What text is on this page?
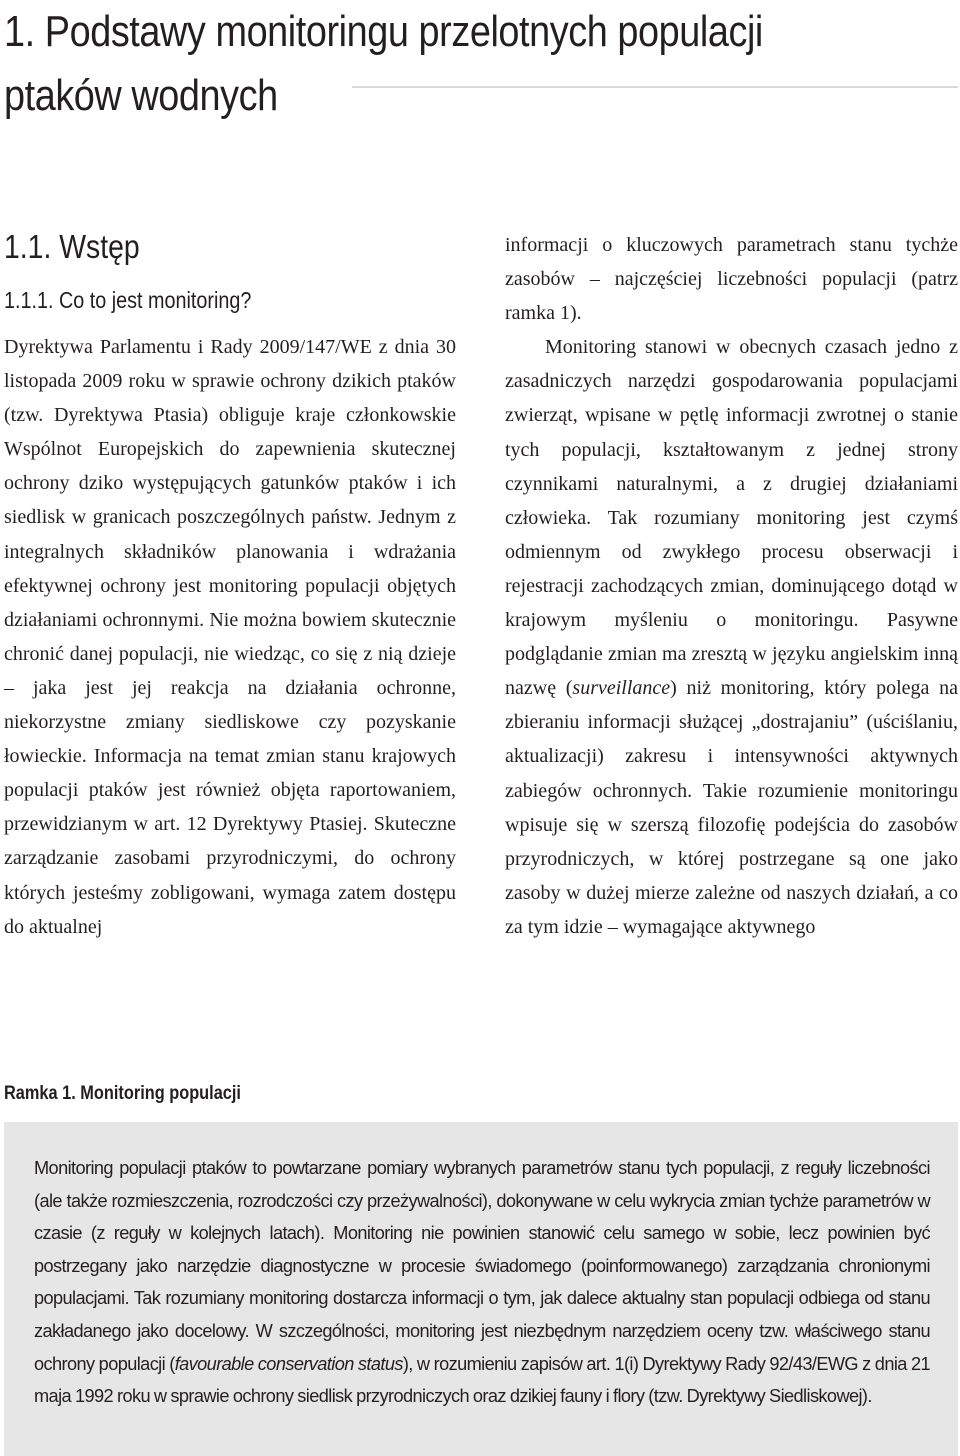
1. Podstawy monitoringu przelotnych populacji ptaków wodnych
1.1. Wstęp
1.1.1. Co to jest monitoring?

Dyrektywa Parlamentu i Rady 2009/147/WE z dnia 30 listopada 2009 roku w sprawie ochrony dzikich ptaków (tzw. Dyrektywa Ptasia) obliguje kraje członkowskie Wspólnot Europejskich do zapewnienia skutecznej ochrony dziko występujących gatunków ptaków i ich siedlisk w granicach poszczególnych państw. Jednym z integralnych składników planowania i wdrażania efektywnej ochrony jest monitoring populacji objętych działaniami ochronnymi. Nie można bowiem skutecznie chronić danej populacji, nie wiedząc, co się z nią dzieje – jaka jest jej reakcja na działania ochronne, niekorzystne zmiany siedliskowe czy pozyskanie łowieckie. Informacja na temat zmian stanu krajowych populacji ptaków jest również objęta raportowaniem, przewidzianym w art. 12 Dyrektywy Ptasiej. Skuteczne zarządzanie zasobami przyrodniczymi, do ochrony których jesteśmy zobligowani, wymaga zatem dostępu do aktualnej

informacji o kluczowych parametrach stanu tychże zasobów – najczęściej liczebności populacji (patrz ramka 1).

Monitoring stanowi w obecnych czasach jedno z zasadniczych narzędzi gospodarowania populacjami zwierząt, wpisane w pętlę informacji zwrotnej o stanie tych populacji, kształtowanym z jednej strony czynnikami naturalnymi, a z drugiej działaniami człowieka. Tak rozumiany monitoring jest czymś odmiennym od zwykłego procesu obserwacji i rejestracji zachodzących zmian, dominującego dotąd w krajowym myśleniu o monitoringu. Pasywne podglądanie zmian ma zresztą w języku angielskim inną nazwę (surveillance) niż monitoring, który polega na zbieraniu informacji służącej „dostrajaniu” (uściślaniu, aktualizacji) zakresu i intensywności aktywnych zabiegów ochronnych. Takie rozumienie monitoringu wpisuje się w szerszą filozofię podejścia do zasobów przyrodniczych, w której postrzegane są one jako zasoby w dużej mierze zależne od naszych działań, a co za tym idzie – wymagające aktywnego

Ramka 1. Monitoring populacji
Monitoring populacji ptaków to powtarzane pomiary wybranych parametrów stanu tych populacji, z reguły liczebności (ale także rozmieszczenia, rozrodczości czy przeżywalności), dokonywane w celu wykrycia zmian tychże parametrów w czasie (z reguły w kolejnych latach). Monitoring nie powinien stanowić celu samego w sobie, lecz powinien być postrzegany jako narzędzie diagnostyczne w procesie świadomego (poinformowanego) zarządzania chronionymi populacjami. Tak rozumiany monitoring dostarcza informacji o tym, jak dalece aktualny stan populacji odbiega od stanu zakładanego jako docelowy. W szczególności, monitoring jest niezbędnym narzędziem oceny tzw. właściwego stanu ochrony populacji (favourable conservation status), w rozumieniu zapisów art. 1(i) Dyrektywy Rady 92/43/EWG z dnia 21 maja 1992 roku w sprawie ochrony siedlisk przyrodniczych oraz dzikiej fauny i flory (tzw. Dyrektywy Siedliskowej).
